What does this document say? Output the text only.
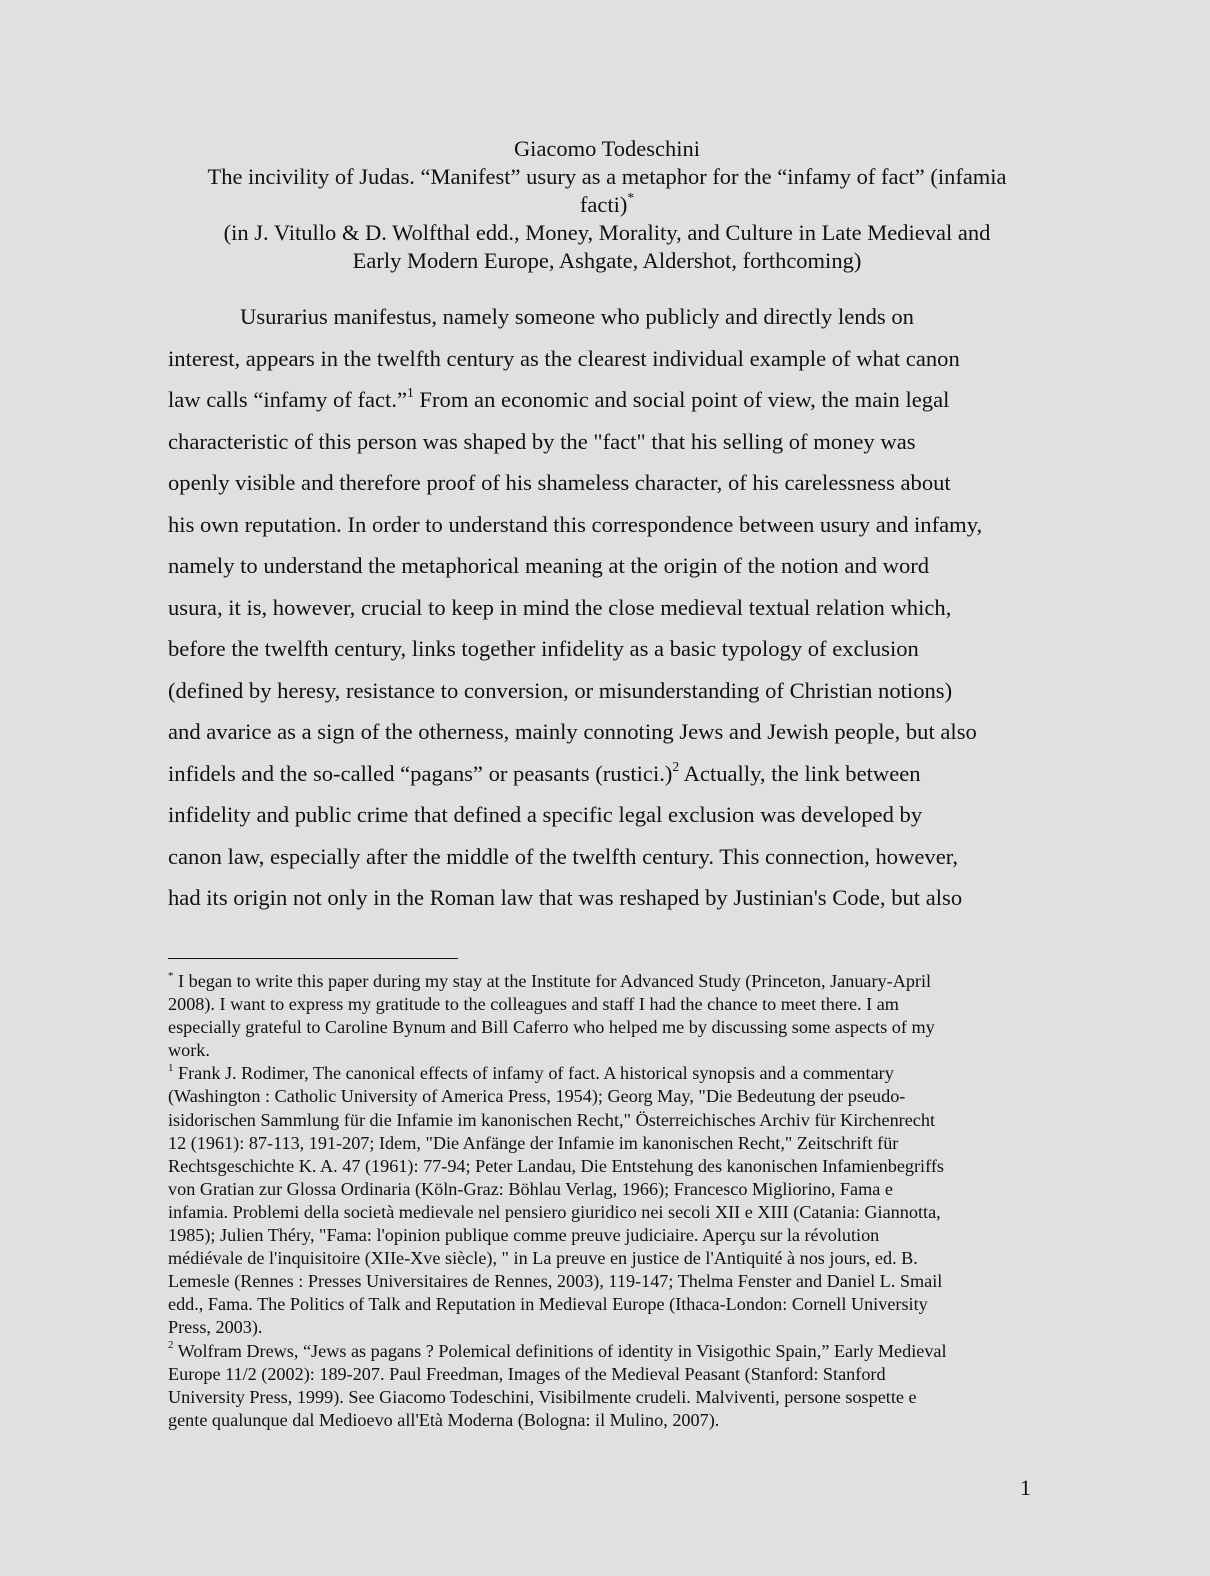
Giacomo Todeschini
The incivility of Judas. “Manifest” usury as a metaphor for the “infamy of fact” (infamia
facti)*
(in J. Vitullo & D. Wolfthal edd., Money, Morality, and Culture in Late Medieval and
Early Modern Europe, Ashgate, Aldershot, forthcoming)
Usurarius manifestus, namely someone who publicly and directly lends on
interest, appears in the twelfth century as the clearest individual example of what canon
law calls “infamy of fact.”$^1$ From an economic and social point of view, the main legal
characteristic of this person was shaped by the "fact" that his selling of money was
openly visible and therefore proof of his shameless character, of his carelessness about
his own reputation. In order to understand this correspondence between usury and infamy,
namely to understand the metaphorical meaning at the origin of the notion and word
usura, it is, however, crucial to keep in mind the close medieval textual relation which,
before the twelfth century, links together infidelity as a basic typology of exclusion
(defined by heresy, resistance to conversion, or misunderstanding of Christian notions)
and avarice as a sign of the otherness, mainly connoting Jews and Jewish people, but also
infidels and the so-called “pagans” or peasants (rustici.)$^2$ Actually, the link between
infidelity and public crime that defined a specific legal exclusion was developed by
canon law, especially after the middle of the twelfth century. This connection, however,
had its origin not only in the Roman law that was reshaped by Justinian's Code, but also
* I began to write this paper during my stay at the Institute for Advanced Study (Princeton, January-April
2008). I want to express my gratitude to the colleagues and staff I had the chance to meet there. I am
especially grateful to Caroline Bynum and Bill Caferro who helped me by discussing some aspects of my
work.
$^1$ Frank J. Rodimer, The canonical effects of infamy of fact. A historical synopsis and a commentary
(Washington : Catholic University of America Press, 1954); Georg May, "Die Bedeutung der pseudo-
isidorischen Sammlung für die Infamie im kanonischen Recht," Österreichisches Archiv für Kirchenrecht
12 (1961): 87-113, 191-207; Idem, "Die Anfänge der Infamie im kanonischen Recht," Zeitschrift für
Rechtsgeschichte K. A. 47 (1961): 77-94; Peter Landau, Die Entstehung des kanonischen Infamienbegriffs
von Gratian zur Glossa Ordinaria (Köln-Graz: Böhlau Verlag, 1966); Francesco Migliorino, Fama e
infamia. Problemi della società medievale nel pensiero giuridico nei secoli XII e XIII (Catania: Giannotta,
1985); Julien Théry, "Fama: l'opinion publique comme preuve judiciaire. Aperçu sur la révolution
médiévale de l'inquisitoire (XIIe-Xve siècle), " in La preuve en justice de l'Antiquité à nos jours, ed. B.
Lemesle (Rennes : Presses Universitaires de Rennes, 2003), 119-147; Thelma Fenster and Daniel L. Smail
edd., Fama. The Politics of Talk and Reputation in Medieval Europe (Ithaca-London: Cornell University
Press, 2003).
$^2$ Wolfram Drews, “Jews as pagans ? Polemical definitions of identity in Visigothic Spain,” Early Medieval
Europe 11/2 (2002): 189-207. Paul Freedman, Images of the Medieval Peasant (Stanford: Stanford
University Press, 1999). See Giacomo Todeschini, Visibilmente crudeli. Malviventi, persone sospette e
gente qualunque dal Medioevo all'Età Moderna (Bologna: il Mulino, 2007).
1
